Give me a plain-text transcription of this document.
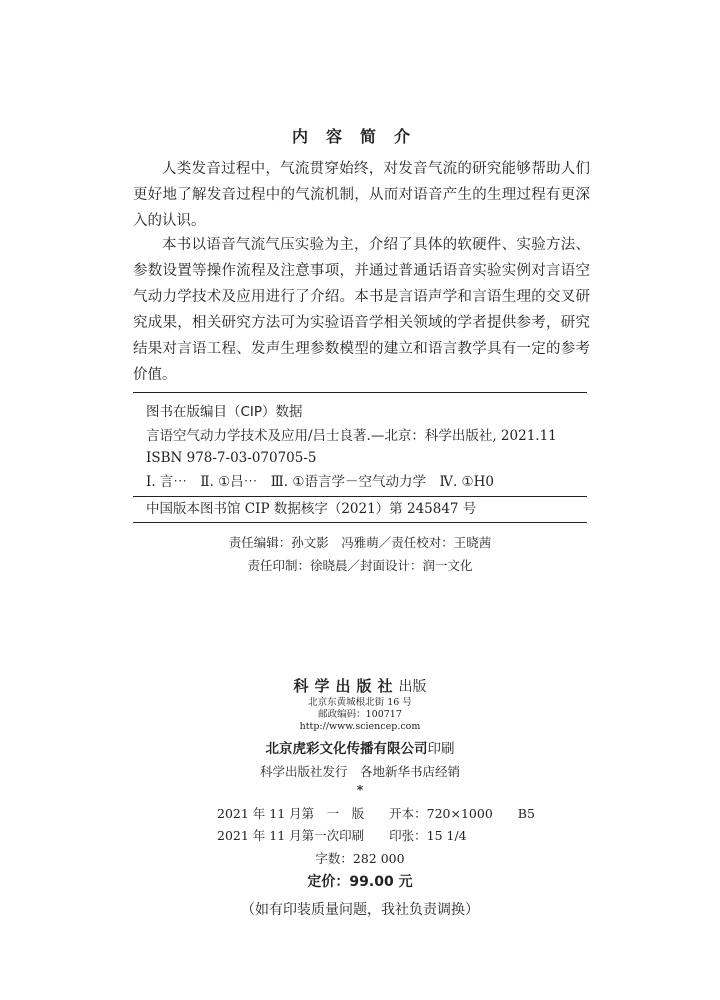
内容简介

人类发音过程中，气流贯穿始终，对发音气流的研究能够帮助人们更好地了解发音过程中的气流机制，从而对语音产生的生理过程有更深入的认识。

本书以语音气流气压实验为主，介绍了具体的软硬件、实验方法、参数设置等操作流程及注意事项，并通过普通话语音实验实例对言语空气动力学技术及应用进行了介绍。本书是言语声学和言语生理的交叉研究成果，相关研究方法可为实验语音学相关领域的学者提供参考，研究结果对言语工程、发声生理参数模型的建立和语言教学具有一定的参考价值。

图书在版编目（CIP）数据
言语空气动力学技术及应用/吕士良著.—北京：科学出版社, 2021.11
ISBN 978-7-03-070705-5
Ⅰ. 言⋯　Ⅱ. ①吕⋯　Ⅲ. ①语言学－空气动力学　Ⅳ. ①H0
中国版本图书馆 CIP 数据核字（2021）第 245847 号
责任编辑：孙文影　冯雅萌／责任校对：王晓茜
责任印制：徐晓晨／封面设计：润一文化
科学出版社出版
北京东黄城根北街 16 号
邮政编码：100717
http://www.sciencep.com
北京虎彩文化传播有限公司印刷
科学出版社发行　各地新华书店经销
*
2021 年 11 月第　一　版　　开本：720×1000　　B5
2021 年 11 月第一次印刷　　印张：15 1/4
字数：282 000
定价：99.00 元
（如有印装质量问题，我社负责调换）
